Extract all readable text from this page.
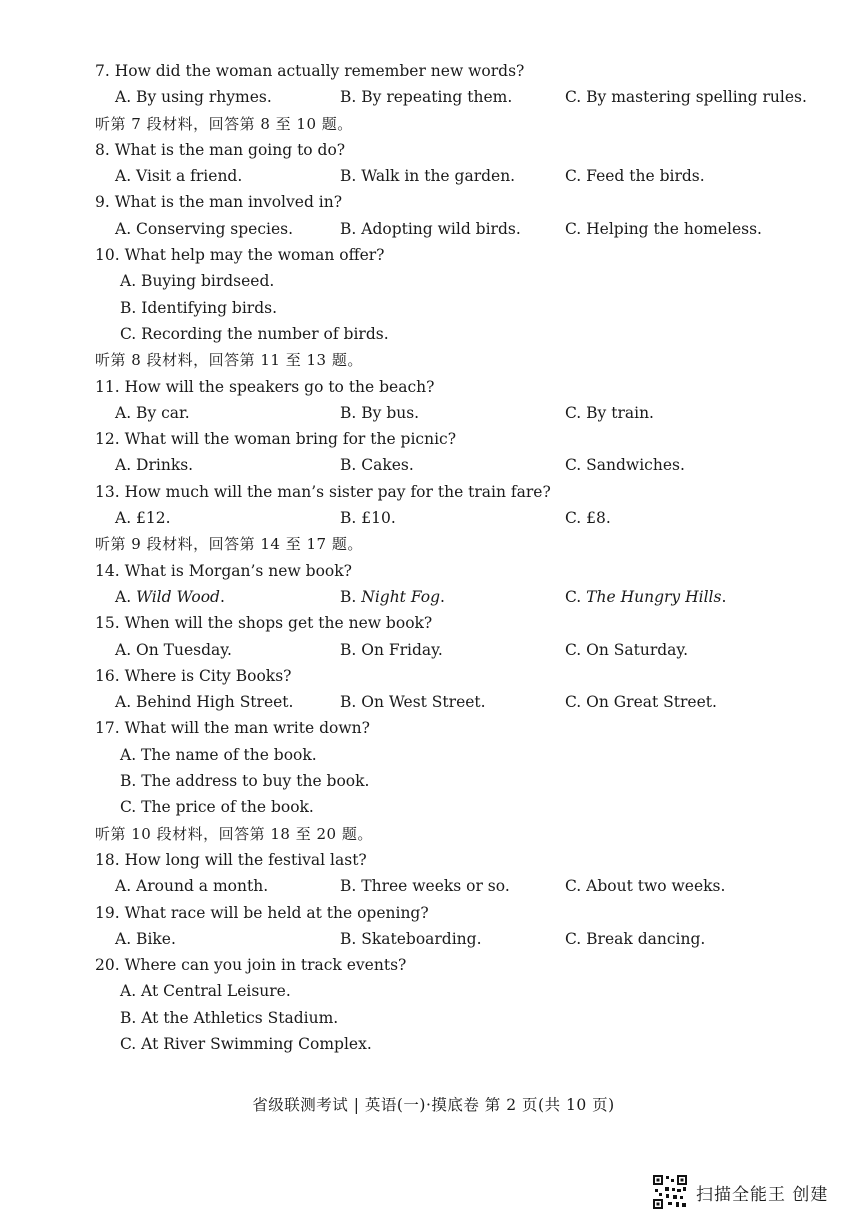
7. How did the woman actually remember new words?
A. By using rhymes.	B. By repeating them.	C. By mastering spelling rules.
听第 7 段材料，回答第 8 至 10 题。
8. What is the man going to do?
A. Visit a friend.	B. Walk in the garden.	C. Feed the birds.
9. What is the man involved in?
A. Conserving species.	B. Adopting wild birds.	C. Helping the homeless.
10. What help may the woman offer?
A. Buying birdseed.
B. Identifying birds.
C. Recording the number of birds.
听第 8 段材料，回答第 11 至 13 题。
11. How will the speakers go to the beach?
A. By car.	B. By bus.	C. By train.
12. What will the woman bring for the picnic?
A. Drinks.	B. Cakes.	C. Sandwiches.
13. How much will the man’s sister pay for the train fare?
A. £12.	B. £10.	C. £8.
听第 9 段材料，回答第 14 至 17 题。
14. What is Morgan’s new book?
A. Wild Wood.	B. Night Fog.	C. The Hungry Hills.
15. When will the shops get the new book?
A. On Tuesday.	B. On Friday.	C. On Saturday.
16. Where is City Books?
A. Behind High Street.	B. On West Street.	C. On Great Street.
17. What will the man write down?
A. The name of the book.
B. The address to buy the book.
C. The price of the book.
听第 10 段材料，回答第 18 至 20 题。
18. How long will the festival last?
A. Around a month.	B. Three weeks or so.	C. About two weeks.
19. What race will be held at the opening?
A. Bike.	B. Skateboarding.	C. Break dancing.
20. Where can you join in track events?
A. At Central Leisure.
B. At the Athletics Stadium.
C. At River Swimming Complex.
省级联测考试 | 英语(一)·摸底卷 第 2 页(共 10 页)
扫描全能王 创建
